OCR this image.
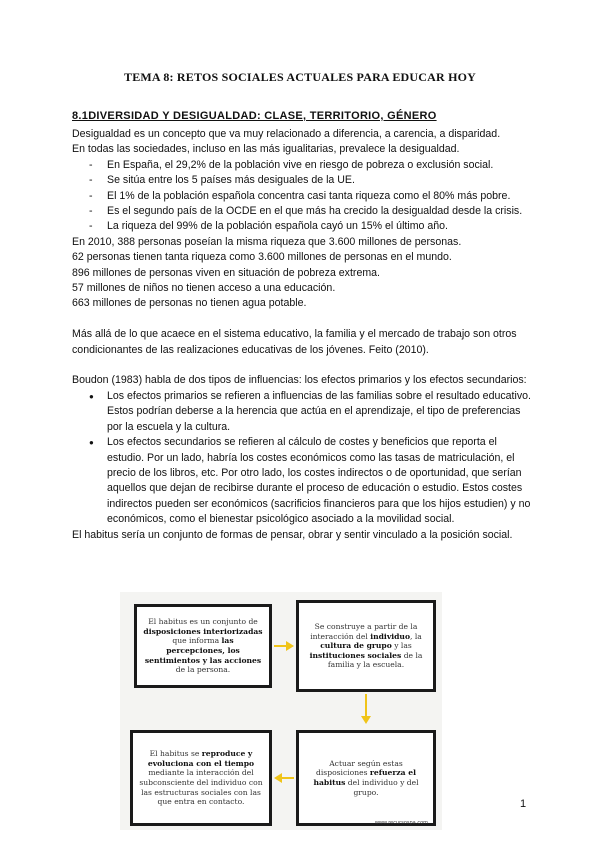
TEMA 8: RETOS SOCIALES ACTUALES PARA EDUCAR HOY
8.1DIVERSIDAD Y DESIGUALDAD: CLASE, TERRITORIO, GÉNERO

Desigualdad es un concepto que va muy relacionado a diferencia, a carencia, a disparidad.

En todas las sociedades, incluso en las más igualitarias, prevalece la desigualdad.

- En España, el 29,2% de la población vive en riesgo de pobreza o exclusión social.
- Se sitúa entre los 5 países más desiguales de la UE.
- El 1% de la población española concentra casi tanta riqueza como el 80% más pobre.
- Es el segundo país de la OCDE en el que más ha crecido la desigualdad desde la crisis.
- La riqueza del 99% de la población española cayó un 15% el último año.

En 2010, 388 personas poseían la misma riqueza que 3.600 millones de personas.

62 personas tienen tanta riqueza como 3.600 millones de personas en el mundo.

896 millones de personas viven en situación de pobreza extrema.

57 millones de niños no tienen acceso a una educación.

663 millones de personas no tienen agua potable.

Más allá de lo que acaece en el sistema educativo, la familia y el mercado de trabajo son otros condicionantes de las realizaciones educativas de los jóvenes. Feito (2010).

Boudon (1983) habla de dos tipos de influencias: los efectos primarios y los efectos secundarios:

● Los efectos primarios se refieren a influencias de las familias sobre el resultado educativo. Estos podrían deberse a la herencia que actúa en el aprendizaje, el tipo de preferencias por la escuela y la cultura.
● Los efectos secundarios se refieren al cálculo de costes y beneficios que reporta el estudio. Por un lado, habría los costes económicos como las tasas de matriculación, el precio de los libros, etc. Por otro lado, los costes indirectos o de oportunidad, que serían aquellos que dejan de recibirse durante el proceso de educación o estudio. Estos costes indirectos pueden ser económicos (sacrificios financieros para que los hijos estudien) y no económicos, como el bienestar psicológico asociado a la movilidad social.

El habitus sería un conjunto de formas de pensar, obrar y sentir vinculado a la posición social.

El habitus es un conjunto de disposiciones interiorizadas que informa las percepciones, los sentimientos y las acciones de la persona.
Se construye a partir de la interacción del individuo, la cultura de grupo y las instituciones sociales de la familia y la escuela.
El habitus se reproduce y evoluciona con el tiempo mediante la interacción del subconsciente del individuo con las estructuras sociales con las que entra en contacto.
Actuar según estas disposiciones refuerza el habitus del individuo y del grupo.
www.recursospa.com
1
